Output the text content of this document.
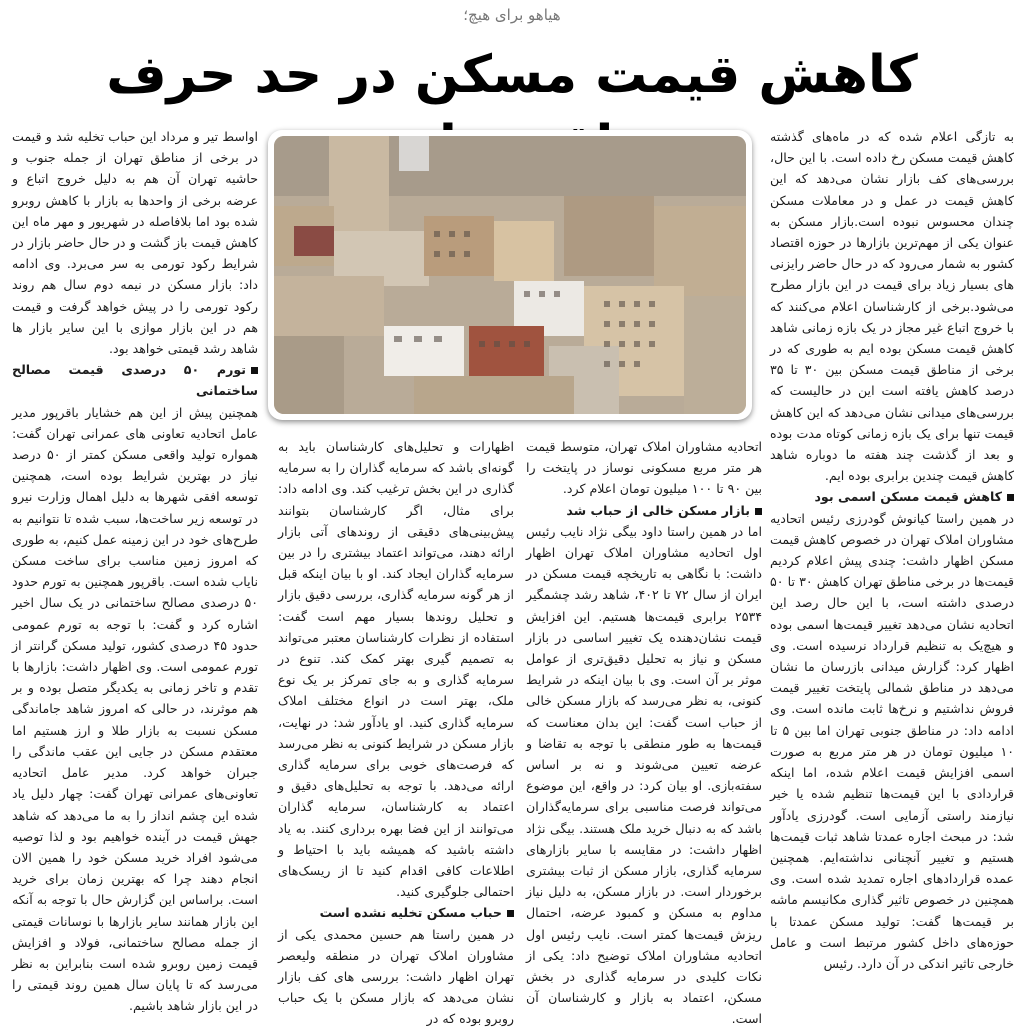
هیاهو برای هیچ؛
کاهش قیمت مسکن در حد حرف

به تازگی اعلام شده که در ماه‌های گذشته کاهش قیمت مسکن رخ داده است. با این حال، بررسی‌های کف بازار نشان می‌دهد که این کاهش قیمت در عمل و در معاملات مسکن چندان محسوس نبوده است.بازار مسکن به عنوان یکی از مهم‌ترین بازارها در حوزه اقتصاد کشور به شمار می‌رود که در حال حاضر رایزنی های بسیار زیاد برای قیمت در این بازار مطرح می‌شود.برخی از کارشناسان اعلام می‌کنند که با خروج اتباع غیر مجاز در یک بازه زمانی شاهد کاهش قیمت مسکن بوده ایم به طوری که در برخی از مناطق قیمت مسکن بین ۳۰ تا ۳۵ درصد کاهش یافته است این در حالیست که بررسی‌های میدانی نشان می‌دهد که این کاهش قیمت تنها برای یک بازه زمانی کوتاه مدت بوده و بعد از گذشت چند هفته ما دوباره شاهد کاهش قیمت چندین برابری بوده ایم.

کاهش قیمت مسکن اسمی بود

در همین راستا کیانوش گودرزی رئیس اتحادیه مشاوران املاک تهران در خصوص کاهش قیمت مسکن اظهار داشت: چندی پیش اعلام کردیم قیمت‌ها در برخی مناطق تهران کاهش ۳۰ تا ۵۰ درصدی داشته است، با این حال رصد این اتحادیه نشان می‌دهد تغییر قیمت‌ها اسمی بوده و هیچ‌یک به تنظیم قرارداد نرسیده است. وی اظهار کرد: گزارش میدانی بازرسان ما نشان می‌دهد در مناطق شمالی پایتخت تغییر قیمت فروش نداشتیم و نرخ‌ها ثابت مانده است. وی ادامه داد: در مناطق جنوبی تهران اما بین ۵ تا ۱۰ میلیون تومان در هر متر مربع به صورت اسمی افزایش قیمت اعلام شده، اما اینکه قراردادی با این قیمت‌ها تنظیم شده یا خیر نیازمند راستی آزمایی است. گودرزی یادآور شد: در مبحث اجاره عمدتا شاهد ثبات قیمت‌ها هستیم و تغییر آنچنانی نداشته‌ایم. همچنین عمده قراردادهای اجاره تمدید شده است. وی همچنین در خصوص تاثیر گذاری مکانیسم ماشه بر قیمت‌ها گفت: تولید مسکن عمدتا با حوزه‌های داخل کشور مرتبط است و عامل خارجی تاثیر اندکی در آن دارد. رئیس

اتحادیه مشاوران املاک تهران، متوسط قیمت هر متر مربع مسکونی نوساز در پایتخت را بین ۹۰ تا ۱۰۰ میلیون تومان اعلام کرد.

بازار مسکن خالی از حباب شد

اما در همین راستا داود بیگی نژاد نایب رئیس اول اتحادیه مشاوران املاک تهران اظهار داشت: با نگاهی به تاریخچه قیمت مسکن در ایران از سال ۷۲ تا ۴۰۲، شاهد رشد چشمگیر ۲۵۳۴ برابری قیمت‌ها هستیم. این افزایش قیمت نشان‌دهنده یک تغییر اساسی در بازار مسکن و نیاز به تحلیل دقیق‌تری از عوامل موثر بر آن است. وی با بیان اینکه در شرایط کنونی، به نظر می‌رسد که بازار مسکن خالی از حباب است گفت: این بدان معناست که قیمت‌ها به طور منطقی با توجه به تقاضا و عرضه تعیین می‌شوند و نه بر اساس سفته‌بازی. او بیان کرد: در واقع، این موضوع می‌تواند فرصت مناسبی برای سرمایه‌گذاران باشد که به دنبال خرید ملک هستند. بیگی نژاد اظهار داشت: در مقایسه با سایر بازارهای سرمایه گذاری، بازار مسکن از ثبات بیشتری برخوردار است. در بازار مسکن، به دلیل نیاز مداوم به مسکن و کمبود عرضه، احتمال ریزش قیمت‌ها کمتر است. نایب رئیس اول اتحادیه مشاوران املاک توضیح داد: یکی از نکات کلیدی در سرمایه گذاری در بخش مسکن، اعتماد به بازار و کارشناسان آن است.

اظهارات و تحلیل‌های کارشناسان باید به گونه‌ای باشد که سرمایه گذاران را به سرمایه گذاری در این بخش ترغیب کند. وی ادامه داد: برای مثال، اگر کارشناسان بتوانند پیش‌بینی‌های دقیقی از روندهای آتی بازار ارائه دهند، می‌تواند اعتماد بیشتری را در بین سرمایه گذاران ایجاد کند. او با بیان اینکه قبل از هر گونه سرمایه گذاری، بررسی دقیق بازار و تحلیل روندها بسیار مهم است گفت: استفاده از نظرات کارشناسان معتبر می‌تواند به تصمیم گیری بهتر کمک کند. تنوع در سرمایه گذاری و به جای تمرکز بر یک نوع ملک، بهتر است در انواع مختلف املاک سرمایه گذاری کنید. او یادآور شد: در نهایت، بازار مسکن در شرایط کنونی به نظر می‌رسد که فرصت‌های خوبی برای سرمایه گذاری ارائه می‌دهد. با توجه به تحلیل‌های دقیق و اعتماد به کارشناسان، سرمایه گذاران می‌توانند از این فضا بهره برداری کنند. به یاد داشته باشید که همیشه باید با احتیاط و اطلاعات کافی اقدام کنید تا از ریسک‌های احتمالی جلوگیری کنید.

حباب مسکن تخلیه نشده است

در همین راستا هم حسین محمدی یکی از مشاوران املاک تهران در منطقه ولیعصر تهران اظهار داشت: بررسی های کف بازار نشان می‌دهد که بازار مسکن با یک حباب روبرو بوده که در

اواسط تیر و مرداد این حباب تخلیه شد و قیمت در برخی از مناطق تهران از جمله جنوب و حاشیه تهران آن هم به دلیل خروج اتباع و عرضه برخی از واحدها به بازار با کاهش روبرو شده بود اما بلافاصله در شهریور و مهر ماه این کاهش قیمت باز گشت و در حال حاضر بازار در شرایط رکود تورمی به سر می‌برد. وی ادامه داد: بازار مسکن در نیمه دوم سال هم روند رکود تورمی را در پیش خواهد گرفت و قیمت هم در این بازار موازی با این سایر بازار ها شاهد رشد قیمتی خواهد بود.

تورم ۵۰ درصدی قیمت مصالح ساختمانی

همچنین پیش از این هم خشایار باقرپور مدیر عامل اتحادیه تعاونی های عمرانی تهران گفت: همواره تولید واقعی مسکن کمتر از ۵۰ درصد نیاز در بهترین شرایط بوده است، همچنین توسعه افقی شهرها به دلیل اهمال وزارت نیرو در توسعه زیر ساخت‌ها، سبب شده تا نتوانیم به طرح‌های خود در این زمینه عمل کنیم، به طوری که امروز زمین مناسب برای ساخت مسکن نایاب شده است. باقرپور همچنین به تورم حدود ۵۰ درصدی مصالح ساختمانی در یک سال اخیر اشاره کرد و گفت: با توجه به تورم عمومی حدود ۴۵ درصدی کشور، تولید مسکن گرانتر از تورم عمومی است. وی اظهار داشت: بازارها با تقدم و تاخر زمانی به یکدیگر متصل بوده و بر هم موثرند، در حالی که امروز شاهد جاماندگی مسکن نسبت به بازار طلا و ارز هستیم اما معتقدم مسکن در جایی این عقب ماندگی را جبران خواهد کرد. مدیر عامل اتحادیه تعاونی‌های عمرانی تهران گفت: چهار دلیل یاد شده این چشم انداز را به ما می‌دهد که شاهد جهش قیمت در آینده خواهیم بود و لذا توصیه می‌شود افراد خرید مسکن خود را همین الان انجام دهند چرا که بهترین زمان برای خرید است. براساس این گزارش حال با توجه به آنکه این بازار همانند سایر بازارها با نوسانات قیمتی از جمله مصالح ساختمانی، فولاد و افزایش قیمت زمین روبرو شده است بنابراین به نظر می‌رسد که تا پایان سال همین روند قیمتی را در این بازار شاهد باشیم.
